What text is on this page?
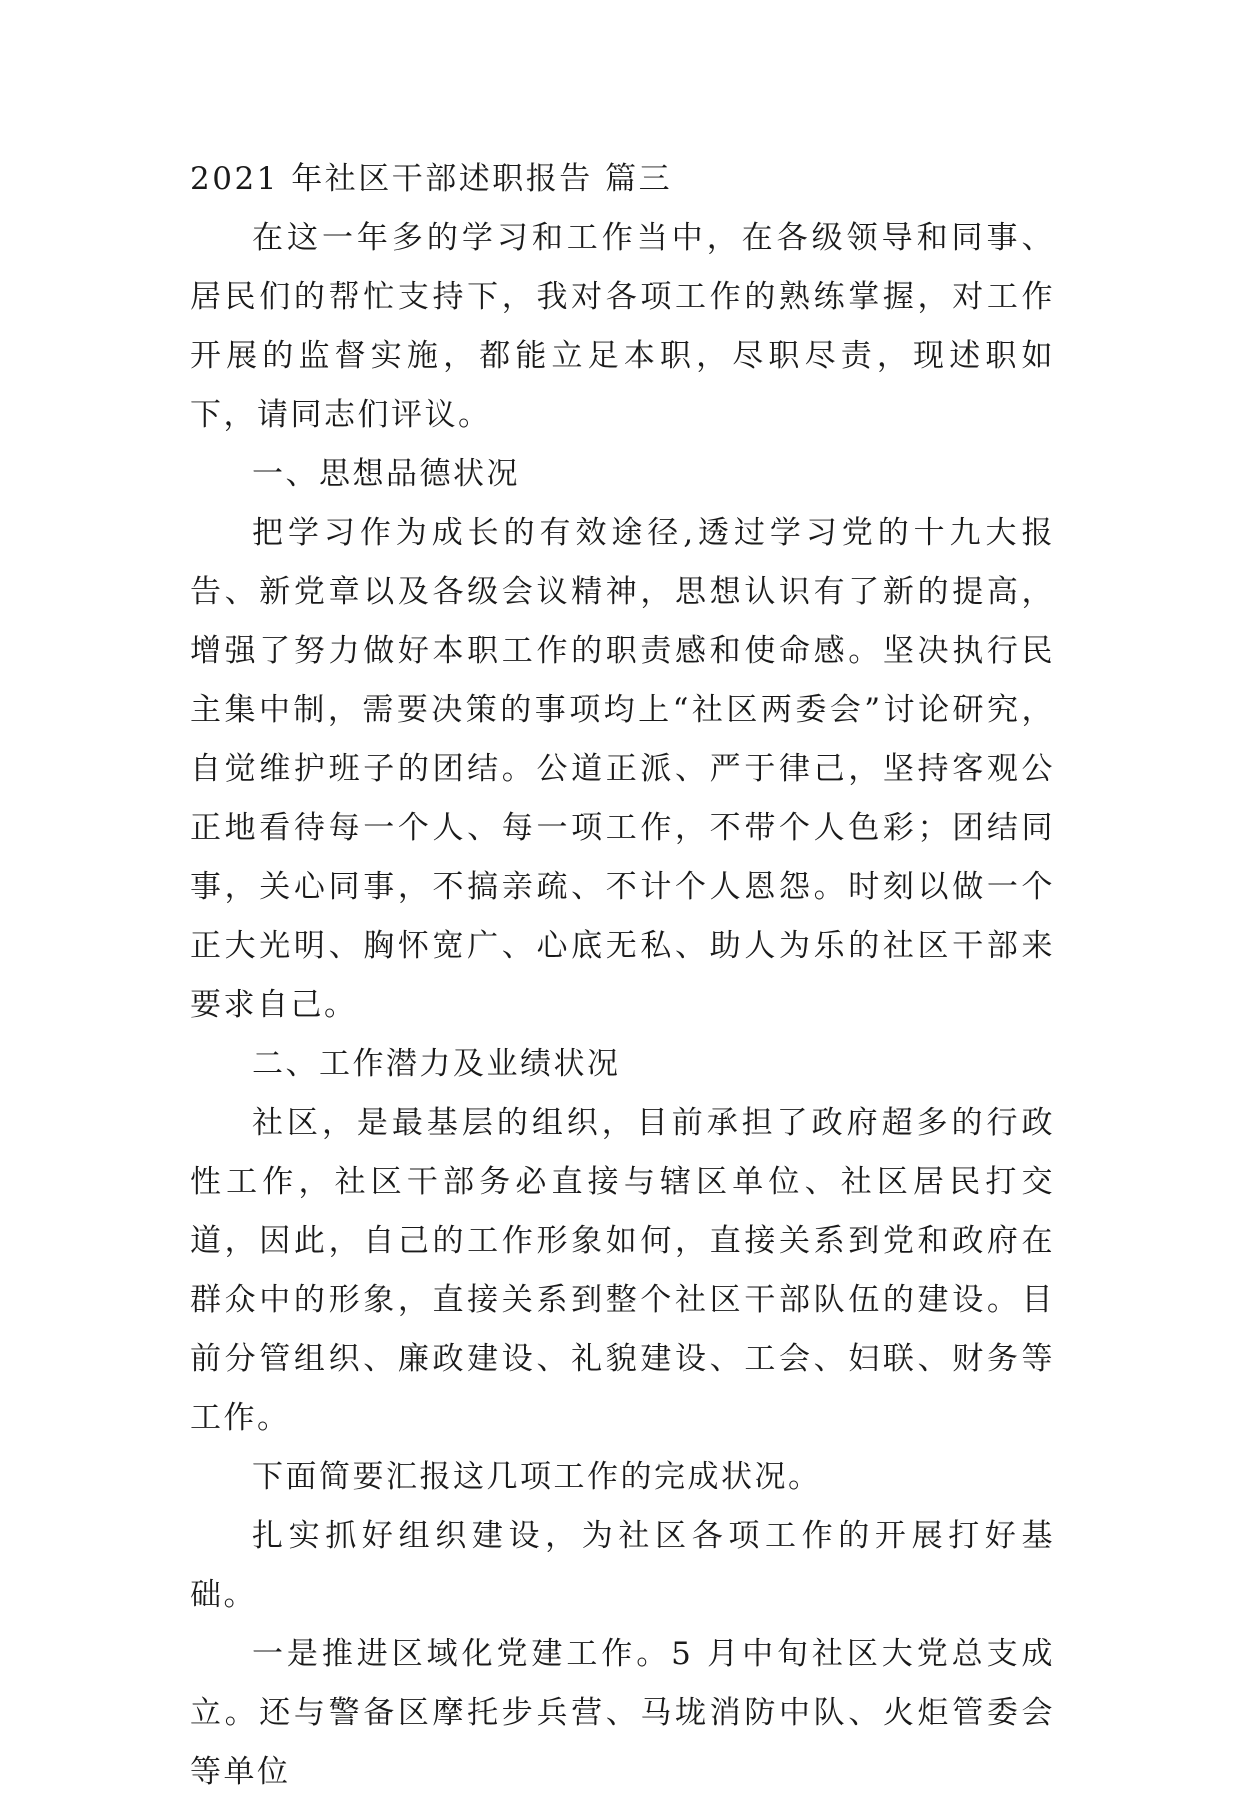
2021 年社区干部述职报告 篇三

在这一年多的学习和工作当中，在各级领导和同事、居民们的帮忙支持下，我对各项工作的熟练掌握，对工作开展的监督实施，都能立足本职，尽职尽责，现述职如下，请同志们评议。

一、思想品德状况

把学习作为成长的有效途径,透过学习党的十九大报告、新党章以及各级会议精神，思想认识有了新的提高，增强了努力做好本职工作的职责感和使命感。坚决执行民主集中制，需要决策的事项均上“社区两委会”讨论研究，自觉维护班子的团结。公道正派、严于律己，坚持客观公正地看待每一个人、每一项工作，不带个人色彩；团结同事，关心同事，不搞亲疏、不计个人恩怨。时刻以做一个正大光明、胸怀宽广、心底无私、助人为乐的社区干部来要求自己。

二、工作潜力及业绩状况

社区，是最基层的组织，目前承担了政府超多的行政性工作，社区干部务必直接与辖区单位、社区居民打交道，因此，自己的工作形象如何，直接关系到党和政府在群众中的形象，直接关系到整个社区干部队伍的建设。目前分管组织、廉政建设、礼貌建设、工会、妇联、财务等工作。

下面简要汇报这几项工作的完成状况。

扎实抓好组织建设，为社区各项工作的开展打好基础。

一是推进区域化党建工作。5 月中旬社区大党总支成立。还与警备区摩托步兵营、马垅消防中队、火炬管委会等单位
